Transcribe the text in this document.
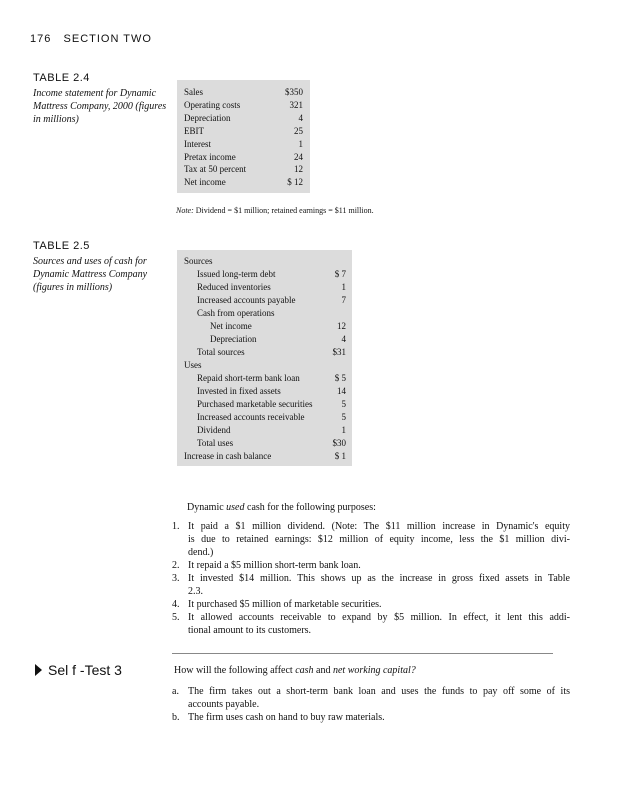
176 SECTION TWO
TABLE 2.4
Income statement for Dynamic Mattress Company, 2000 (figures in millions)
Sales	$350
Operating costs	321
Depreciation	4
EBIT	25
Interest	1
Pretax income	24
Tax at 50 percent	12
Net income	$ 12
Note: Dividend = $1 million; retained earnings = $11 million.
TABLE 2.5
Sources and uses of cash for Dynamic Mattress Company (figures in millions)
Sources
Issued long-term debt	$ 7
Reduced inventories	1
Increased accounts payable	7
Cash from operations
Net income	12
Depreciation	4
Total sources	$31
Uses
Repaid short-term bank loan	$ 5
Invested in fixed assets	14
Purchased marketable securities	5
Increased accounts receivable	5
Dividend	1
Total uses	$30
Increase in cash balance	$ 1
Dynamic used cash for the following purposes:
1. It paid a $1 million dividend. (Note: The $11 million increase in Dynamic's equity
is due to retained earnings: $12 million of equity income, less the $1 million divi-
dend.)
2. It repaid a $5 million short-term bank loan.
3. It invested $14 million. This shows up as the increase in gross fixed assets in Table
2.3.
4. It purchased $5 million of marketable securities.
5. It allowed accounts receivable to expand by $5 million. In effect, it lent this addi-
tional amount to its customers.
Sel f -Test 3	How will the following affect cash and net working capital?
a. The firm takes out a short-term bank loan and uses the funds to pay off some of its
accounts payable.
b. The firm uses cash on hand to buy raw materials.
